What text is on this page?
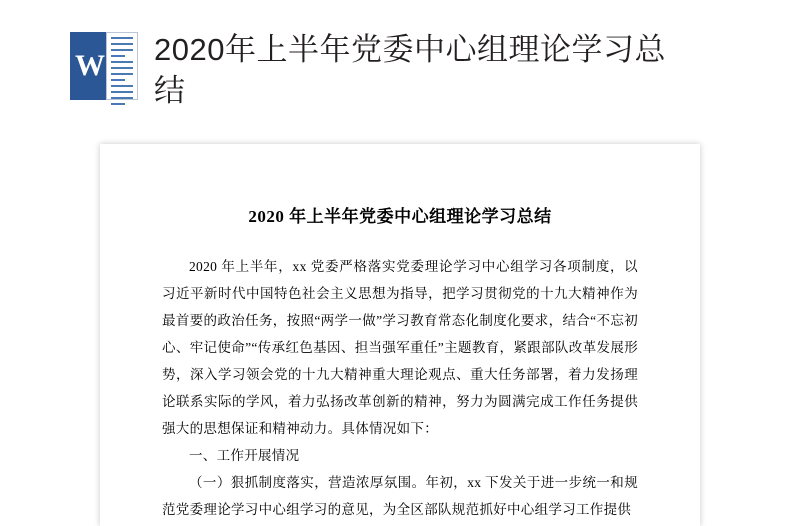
W 2020年上半年党委中心组理论学习总结
2020 年上半年党委中心组理论学习总结

2020 年上半年，xx 党委严格落实党委理论学习中心组学习各项制度，以习近平新时代中国特色社会主义思想为指导，把学习贯彻党的十九大精神作为最首要的政治任务，按照“两学一做”学习教育常态化制度化要求，结合“不忘初心、牢记使命”“传承红色基因、担当强军重任”主题教育，紧跟部队改革发展形势，深入学习领会党的十九大精神重大理论观点、重大任务部署，着力发扬理论联系实际的学风，着力弘扬改革创新的精神，努力为圆满完成工作任务提供强大的思想保证和精神动力。具体情况如下：

一、工作开展情况

（一）狠抓制度落实，营造浓厚氛围。年初，xx 下发关于进一步统一和规范党委理论学习中心组学习的意见，为全区部队规范抓好中心组学习工作提供
